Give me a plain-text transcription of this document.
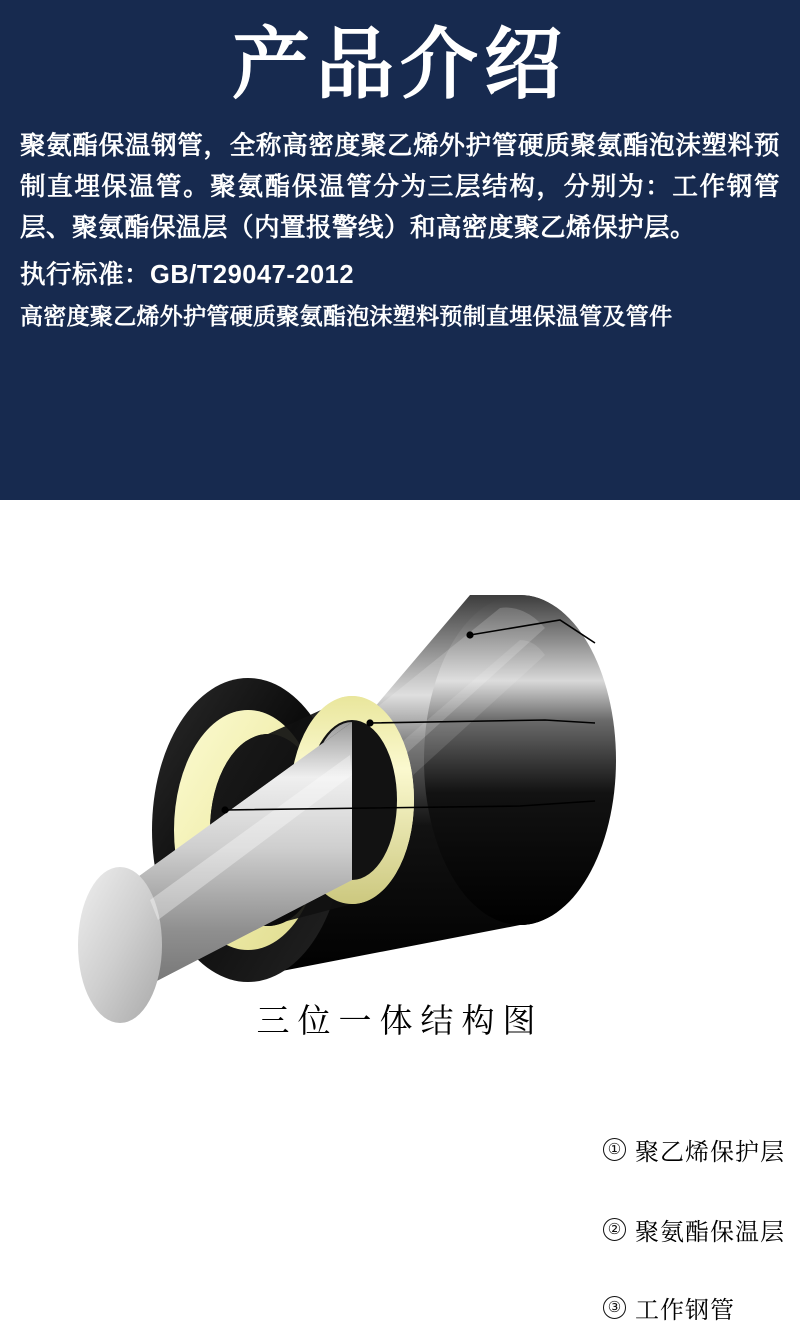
产品介绍
聚氨酯保温钢管，全称高密度聚乙烯外护管硬质聚氨酯泡沫塑料预制直埋保温管。聚氨酯保温管分为三层结构，分别为：工作钢管层、聚氨酯保温层（内置报警线）和高密度聚乙烯保护层。
执行标准：GB/T29047-2012
高密度聚乙烯外护管硬质聚氨酯泡沫塑料预制直埋保温管及管件
① 聚乙烯保护层
② 聚氨酯保温层
③ 工作钢管
三位一体结构图
